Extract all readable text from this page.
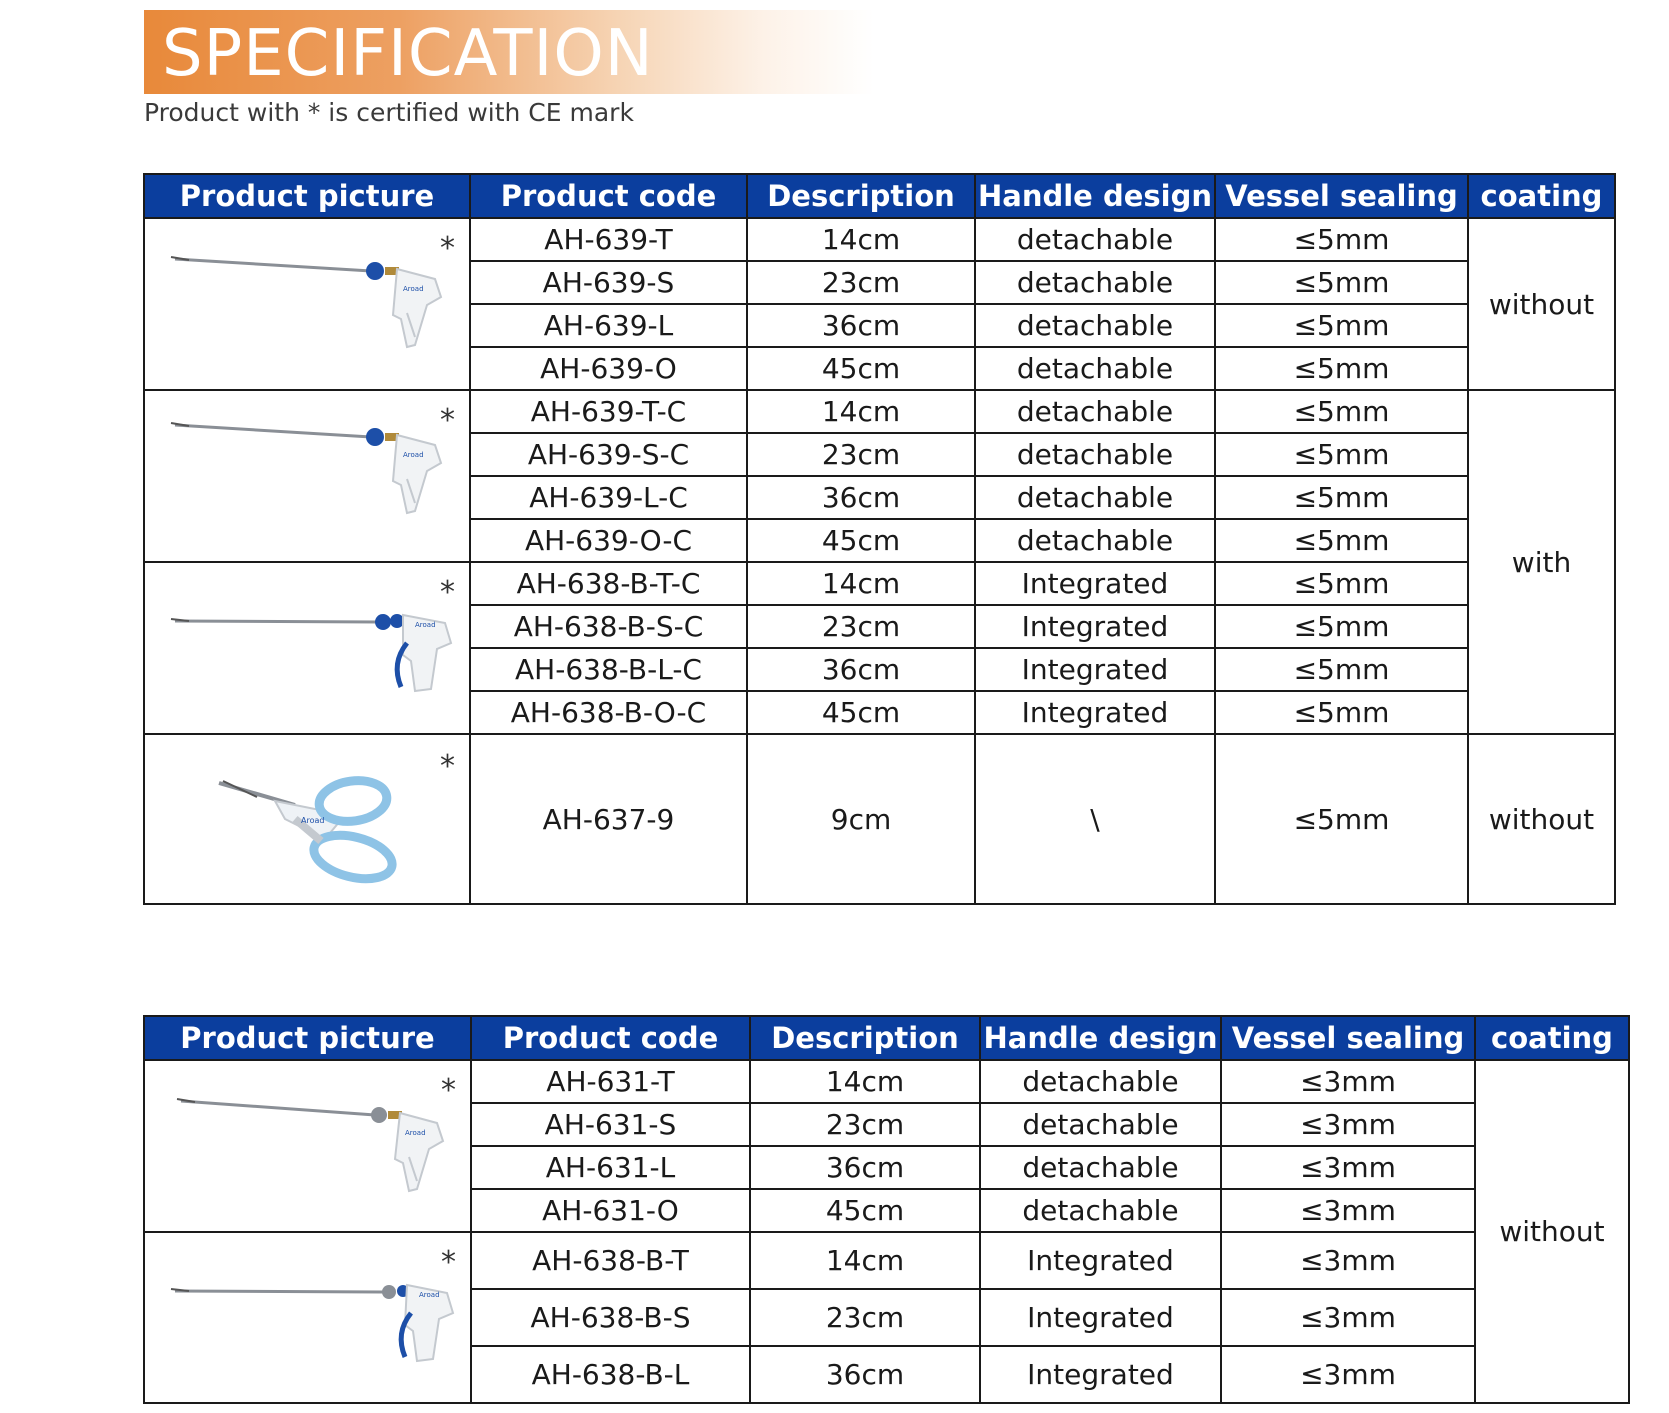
SPECIFICATION
Product with * is certified with CE mark
Product picture	Product code	Description	Handle design	Vessel sealing	coating

*
Aroad	AH-639-T	14cm	detachable	≤5mm	without
	AH-639-S	23cm	detachable	≤5mm	
	AH-639-L	36cm	detachable	≤5mm	
	AH-639-O	45cm	detachable	≤5mm	

*
Aroad	AH-639-T-C	14cm	detachable	≤5mm	with
	AH-639-S-C	23cm	detachable	≤5mm	
	AH-639-L-C	36cm	detachable	≤5mm	
	AH-639-O-C	45cm	detachable	≤5mm	

*
Aroad	AH-638-B-T-C	14cm	Integrated	≤5mm	
	AH-638-B-S-C	23cm	Integrated	≤5mm	
	AH-638-B-L-C	36cm	Integrated	≤5mm	
	AH-638-B-O-C	45cm	Integrated	≤5mm	

*
Aroad	AH-637-9	9cm	\	≤5mm	without
Product picture	Product code	Description	Handle design	Vessel sealing	coating

*
Aroad	AH-631-T	14cm	detachable	≤3mm	without
	AH-631-S	23cm	detachable	≤3mm	
	AH-631-L	36cm	detachable	≤3mm	
	AH-631-O	45cm	detachable	≤3mm	

*
Aroad	AH-638-B-T	14cm	Integrated	≤3mm	
	AH-638-B-S	23cm	Integrated	≤3mm	
	AH-638-B-L	36cm	Integrated	≤3mm	
